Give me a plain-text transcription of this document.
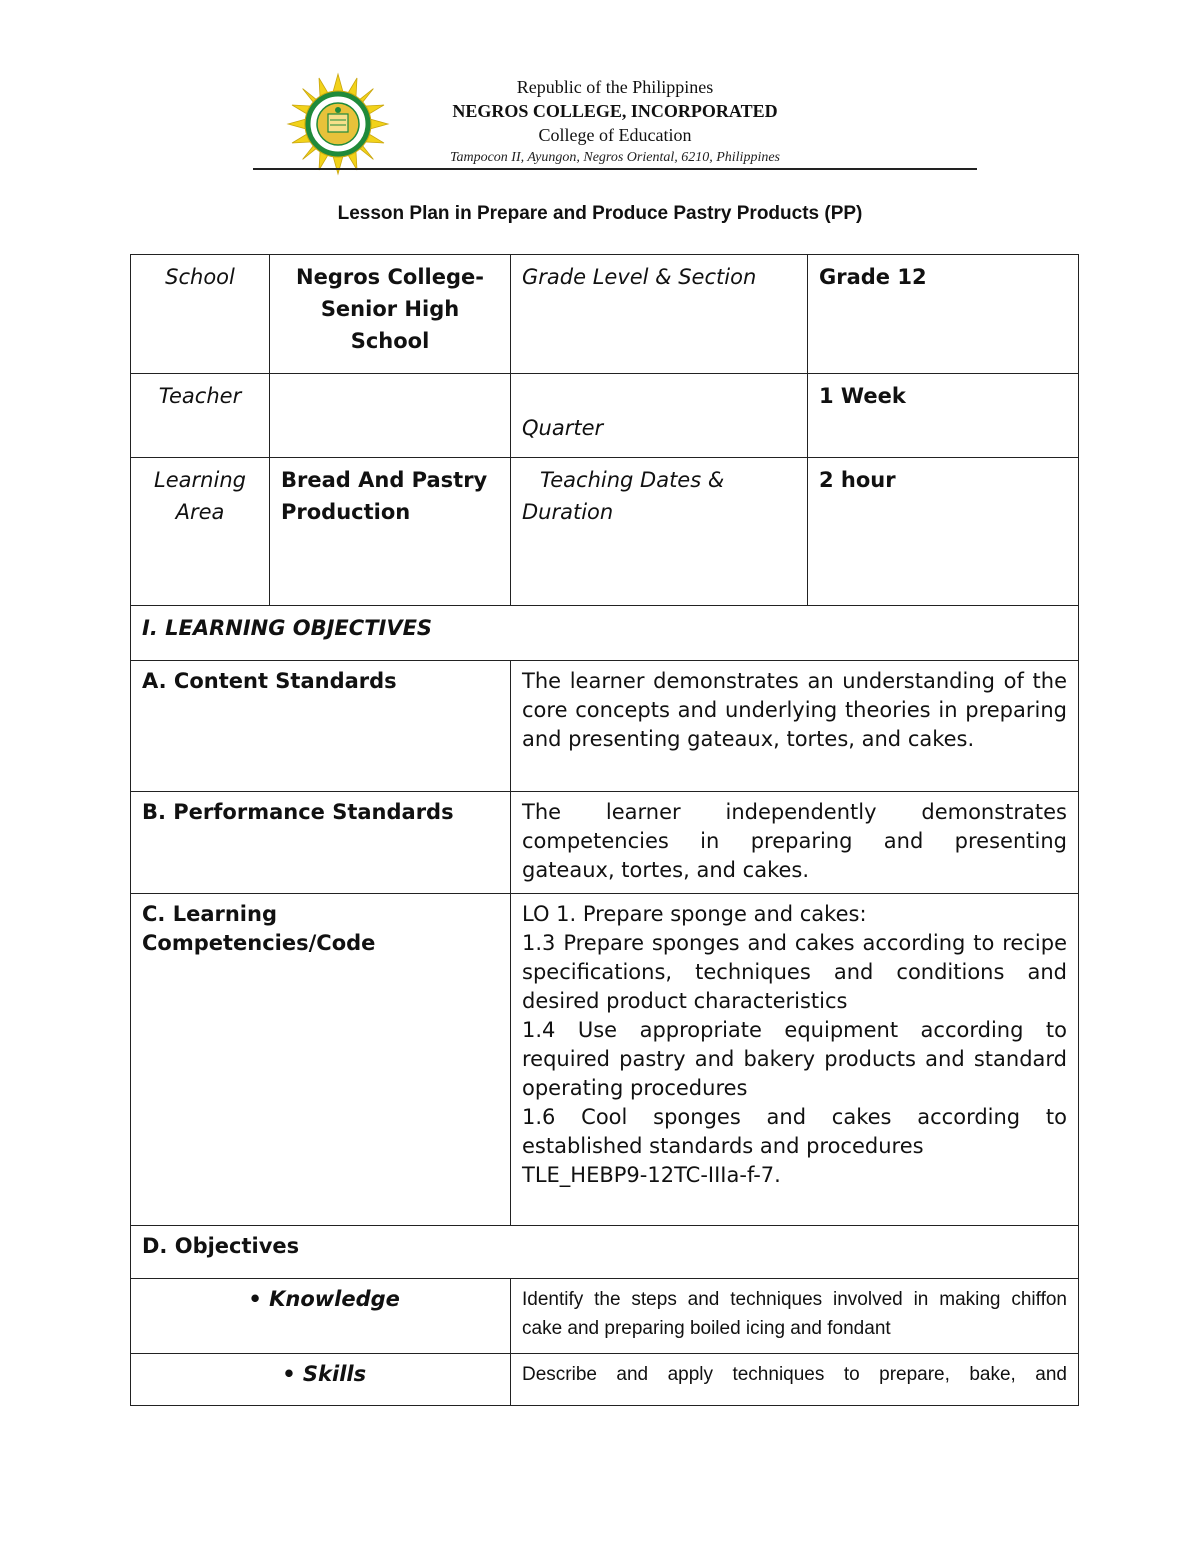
Republic of the Philippines
NEGROS COLLEGE, INCORPORATED
College of Education
Tampocon II, Ayungon, Negros Oriental, 6210, Philippines
Lesson Plan in Prepare and Produce Pastry Products (PP)
School	Negros College-Senior High School	Grade Level & Section	Grade 12
Teacher		Quarter	1 Week
Learning Area	Bread And Pastry Production	Teaching Dates & Duration	2 hour
I. LEARNING OBJECTIVES			
A. Content Standards		The learner demonstrates an understanding of the core concepts and underlying theories in preparing and presenting gateaux, tortes, and cakes.	
B. Performance Standards		The learner independently demonstrates competencies in preparing and presenting gateaux, tortes, and cakes.	
C. Learning Competencies/Code		LO 1. Prepare sponge and cakes:
1.3 Prepare sponges and cakes according to recipe specifications, techniques and conditions and desired product characteristics
1.4 Use appropriate equipment according to required pastry and bakery products and standard operating procedures
1.6 Cool sponges and cakes according to established standards and procedures
TLE_HEBP9-12TC-IIIa-f-7.	

D. Objectives			
• Knowledge		Identify the steps and techniques involved in making chiffon cake and preparing boiled icing and fondant	
• Skills		Describe and apply techniques to prepare, bake, and	
